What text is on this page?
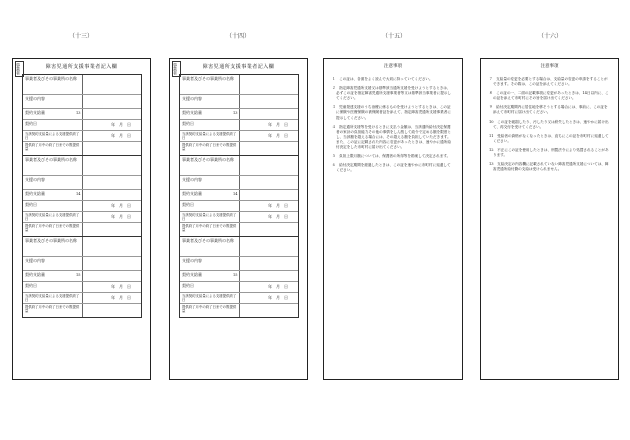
（十三）	（十四）	（十五）	（十六）
事業者	障害児通所支援事業者記入欄
事業者及びその事業所の名称
支援の内容
契約支給量	13
契約日	年　月　日
当該契約支給量による支援提供終了日	年　月　日
提供終了月中の終了日までの既提供量
事業者及びその事業所の名称
支援の内容
契約支給量	14
契約日	年　月　日
当該契約支給量による支援提供終了日	年　月　日
提供終了月中の終了日までの既提供量
事業者及びその事業所の名称
支援の内容
契約支給量	15
契約日	年　月　日
当該契約支給量による支援提供終了日	年　月　日
提供終了月中の終了日までの既提供量
事業者	障害児通所支援事業者記入欄
事業者及びその事業所の名称
支援の内容
契約支給量	13
契約日	年　月　日
当該契約支給量による支援提供終了日	年　月　日
提供終了月中の終了日までの既提供量
事業者及びその事業所の名称
支援の内容
契約支給量	14
契約日	年　月　日
当該契約支給量による支援提供終了日	年　月　日
提供終了月中の終了日までの既提供量
事業者及びその事業所の名称
支援の内容
契約支給量	15
契約日	年　月　日
当該契約支給量による支援提供終了日	年　月　日
提供終了月中の終了日までの既提供量
注意事項

１　この証は、各面をよく読んで大切に持っていてください。

２　指定障害児通所支援又は基準該当通所支援を受けようとするときは、必ずこの証を指定障害児通所支援事業者等又は基準該当事業者に提示してください。

３　児童発達支援のうち治療に係るものを受けようとするときは、この証に保険や医療保険の被保険者証を添えて、指定障害児通所支援事業者に提示してください。

４　指定通所支援等を受けるときに支払う金額は、当該通所給付決定保護者の家計の負担能力その他の事情をしん酌して政令で定める額を限度とし、当該額を超える場合には、その超える額を負担していただきます。また、この証に記載された内容に変更があったときは、速やかに通所給付決定をした市町村に届け出てください。

５　負担上限月額については、保護者の所得等を勘案して決定されます。

６　給付決定期間を経過したときは、この証を速やかに市町村に返還してください。

注意事項

７　支給量の変更を必要とする場合は、支給量の変更の申請をすることができます。その際は、この証を添えてください。

８　この証の一、二面の記載事項に変更があったときは、14日以内に、この証を添えて市町村にその旨を届け出てください。

９　給付決定期間内に居住地を移そうとする場合には、事前に、この証を添えて市町村に届け出てください。

10　この証を破損したり、汚したり又は紛失したときは、速やかに届け出て、再交付を受けてください。

11　受給者の資格がなくなったときは、直ちにこの証を市町村に返還してください。

12　不正にこの証を使用したときは、刑罰法令により処罰されることがあります。

13　支給決定の内容欄に記載されていない障害児通所支援については、障害児通所給付費の支給は受けられません。
